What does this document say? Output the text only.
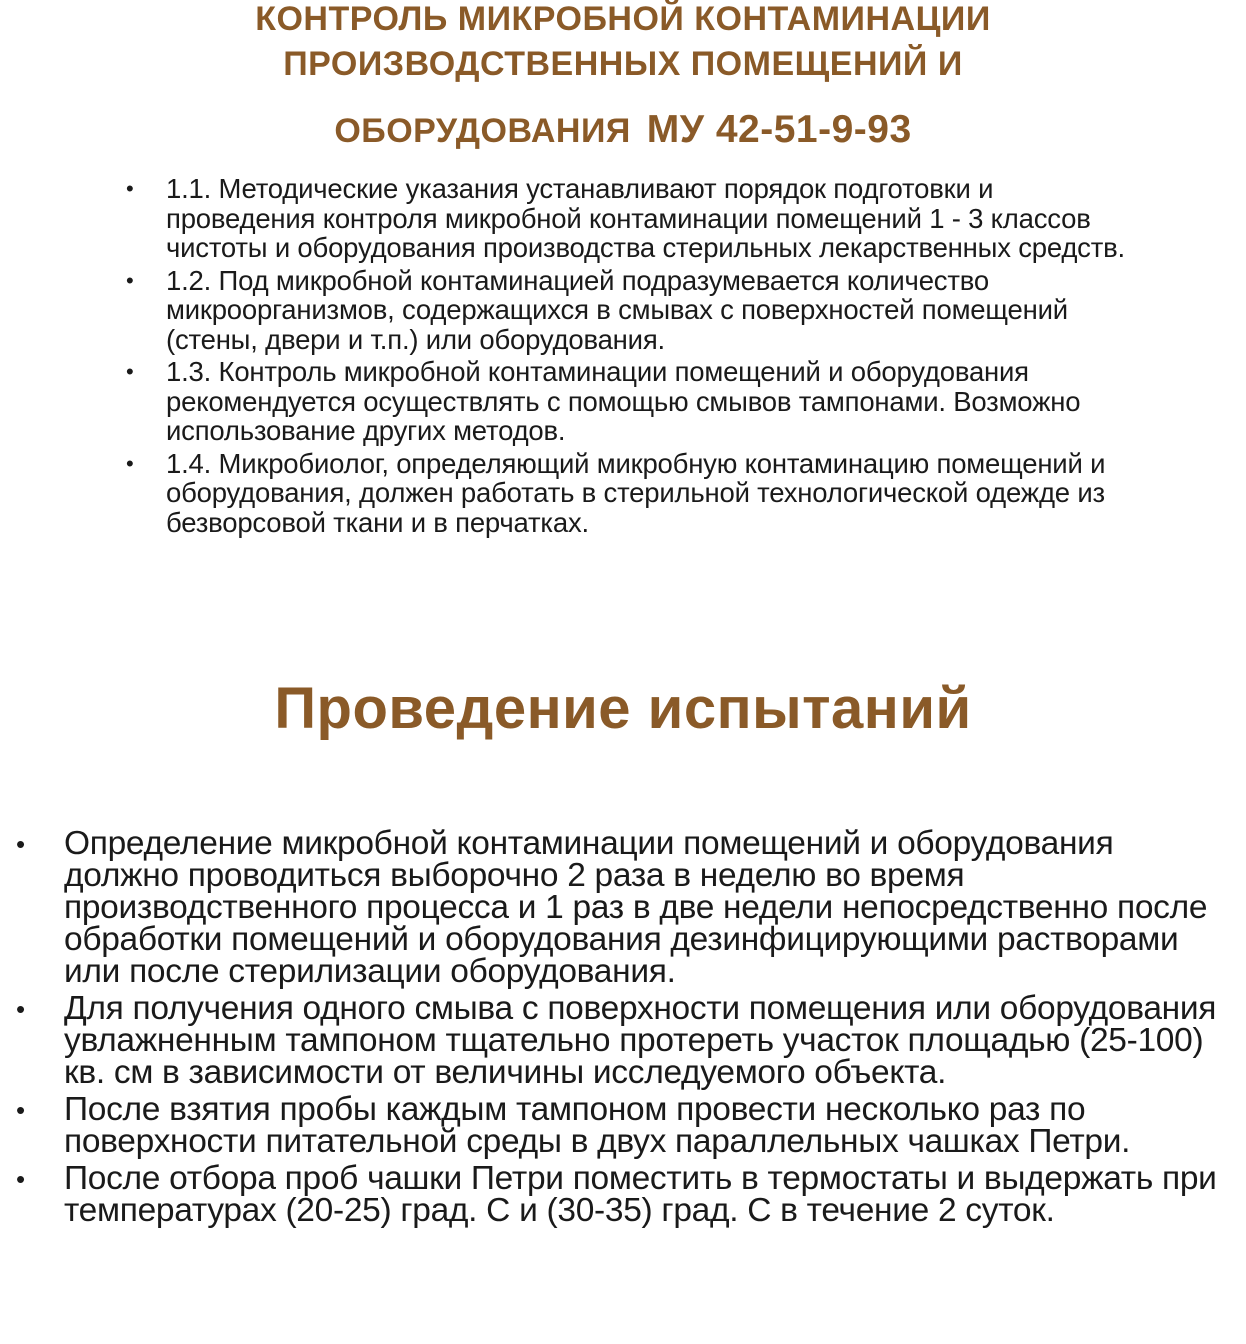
КОНТРОЛЬ МИКРОБНОЙ КОНТАМИНАЦИИ
ПРОИЗВОДСТВЕННЫХ ПОМЕЩЕНИЙ И
ОБОРУДОВАНИЯ МУ 42-51-9-93
• 1.1. Методические указания устанавливают порядок подготовки и проведения контроля микробной контаминации помещений 1 - 3 классов чистоты и оборудования производства стерильных лекарственных средств.
• 1.2. Под микробной контаминацией подразумевается количество микроорганизмов, содержащихся в смывах с поверхностей помещений (стены, двери и т.п.) или оборудования.
• 1.3. Контроль микробной контаминации помещений и оборудования рекомендуется осуществлять с помощью смывов тампонами. Возможно использование других методов.
• 1.4. Микробиолог, определяющий микробную контаминацию помещений и оборудования, должен работать в стерильной технологической одежде из безворсовой ткани и в перчатках.
Проведение испытаний
• Определение микробной контаминации помещений и оборудования должно проводиться выборочно 2 раза в неделю во время производственного процесса и 1 раз в две недели непосредственно после обработки помещений и оборудования дезинфицирующими растворами или после стерилизации оборудования.
• Для получения одного смыва с поверхности помещения или оборудования увлажненным тампоном тщательно протереть участок площадью (25-100) кв. см в зависимости от величины исследуемого объекта.
• После взятия пробы каждым тампоном провести несколько раз по поверхности питательной среды в двух параллельных чашках Петри.
• После отбора проб чашки Петри поместить в термостаты и выдержать при температурах (20-25) град. С и (30-35) град. С в течение 2 суток.
